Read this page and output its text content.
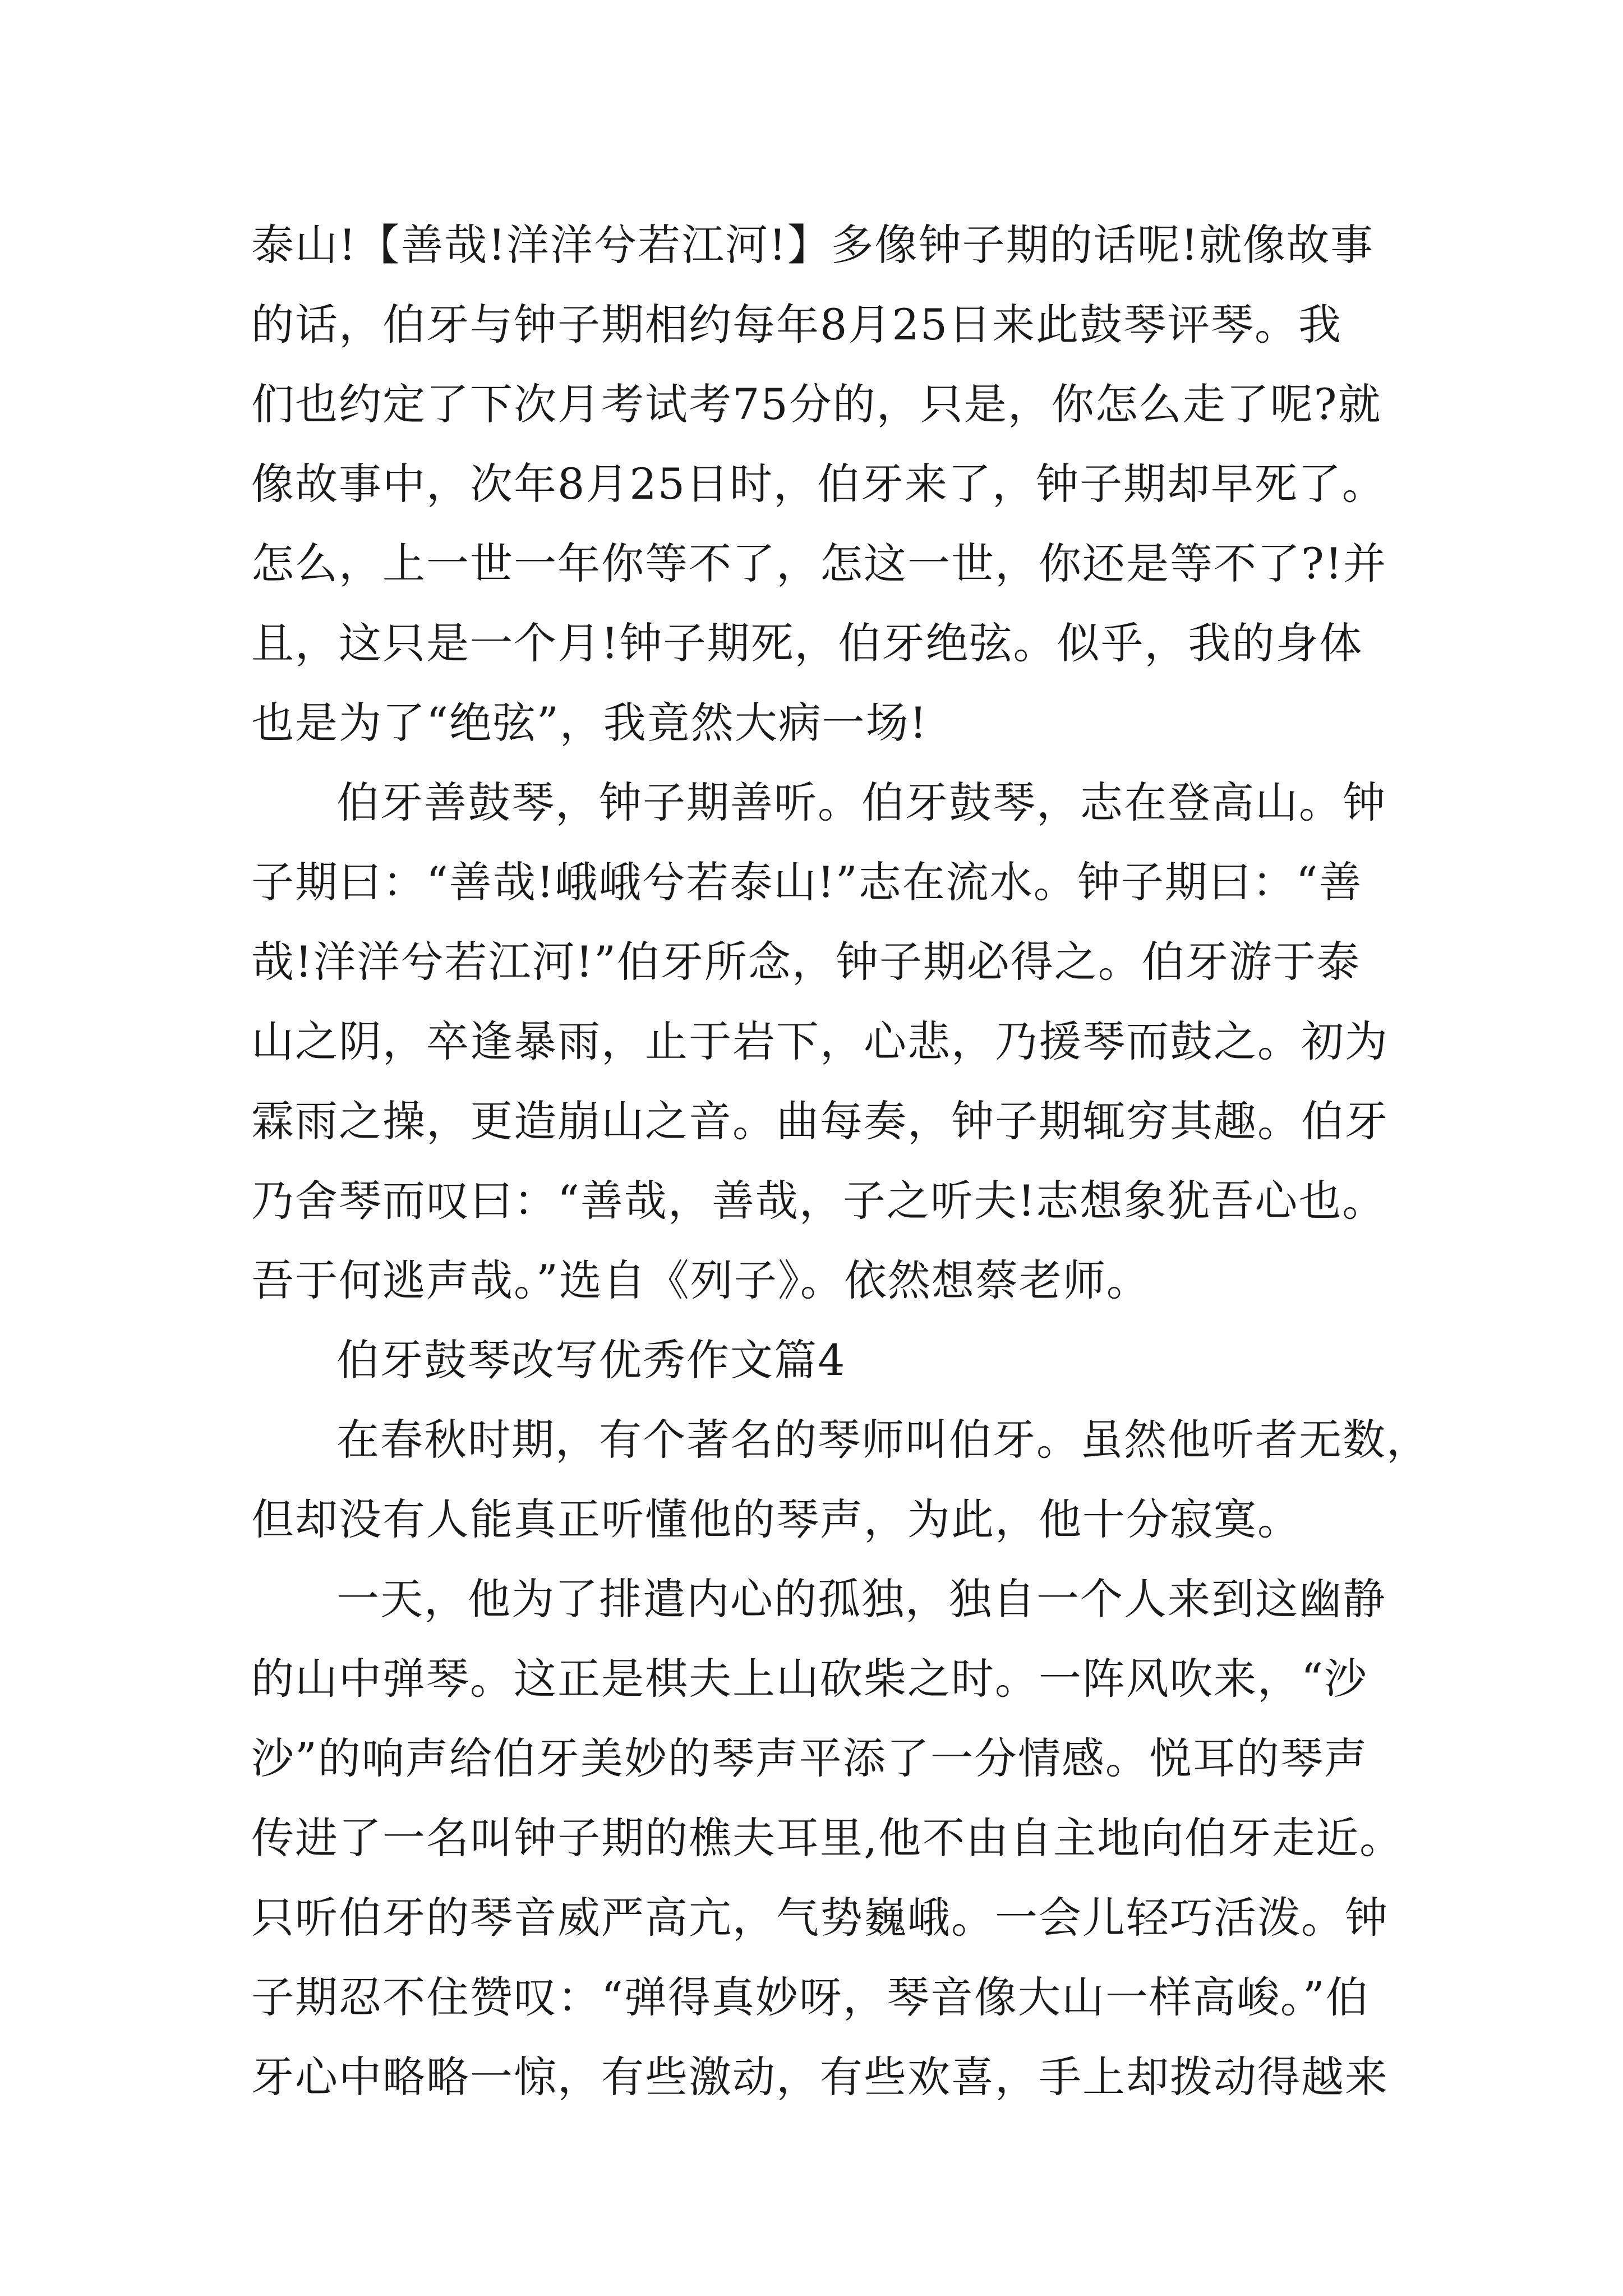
泰山!【善哉!洋洋兮若江河!】多像钟子期的话呢!就像故事
的话，伯牙与钟子期相约每年8月25日来此鼓琴评琴。我
们也约定了下次月考试考75分的，只是，你怎么走了呢?就
像故事中，次年8月25日时，伯牙来了，钟子期却早死了。
怎么，上一世一年你等不了，怎这一世，你还是等不了?!并
且，这只是一个月!钟子期死，伯牙绝弦。似乎，我的身体
也是为了“绝弦”，我竟然大病一场!
伯牙善鼓琴，钟子期善听。伯牙鼓琴，志在登高山。钟
子期曰：“善哉!峨峨兮若泰山!”志在流水。钟子期曰：“善
哉!洋洋兮若江河!”伯牙所念，钟子期必得之。伯牙游于泰
山之阴，卒逢暴雨，止于岩下，心悲，乃援琴而鼓之。初为
霖雨之操，更造崩山之音。曲每奏，钟子期辄穷其趣。伯牙
乃舍琴而叹曰：“善哉，善哉，子之听夫!志想象犹吾心也。
吾于何逃声哉。”选自《列子》。依然想蔡老师。
伯牙鼓琴改写优秀作文篇4
在春秋时期，有个著名的琴师叫伯牙。虽然他听者无数，
但却没有人能真正听懂他的琴声，为此，他十分寂寞。
一天，他为了排遣内心的孤独，独自一个人来到这幽静
的山中弹琴。这正是棋夫上山砍柴之时。一阵风吹来，“沙
沙”的响声给伯牙美妙的琴声平添了一分情感。悦耳的琴声
传进了一名叫钟子期的樵夫耳里,他不由自主地向伯牙走近。
只听伯牙的琴音威严高亢，气势巍峨。一会儿轻巧活泼。钟
子期忍不住赞叹：“弹得真妙呀，琴音像大山一样高峻。”伯
牙心中略略一惊，有些激动，有些欢喜，手上却拨动得越来
